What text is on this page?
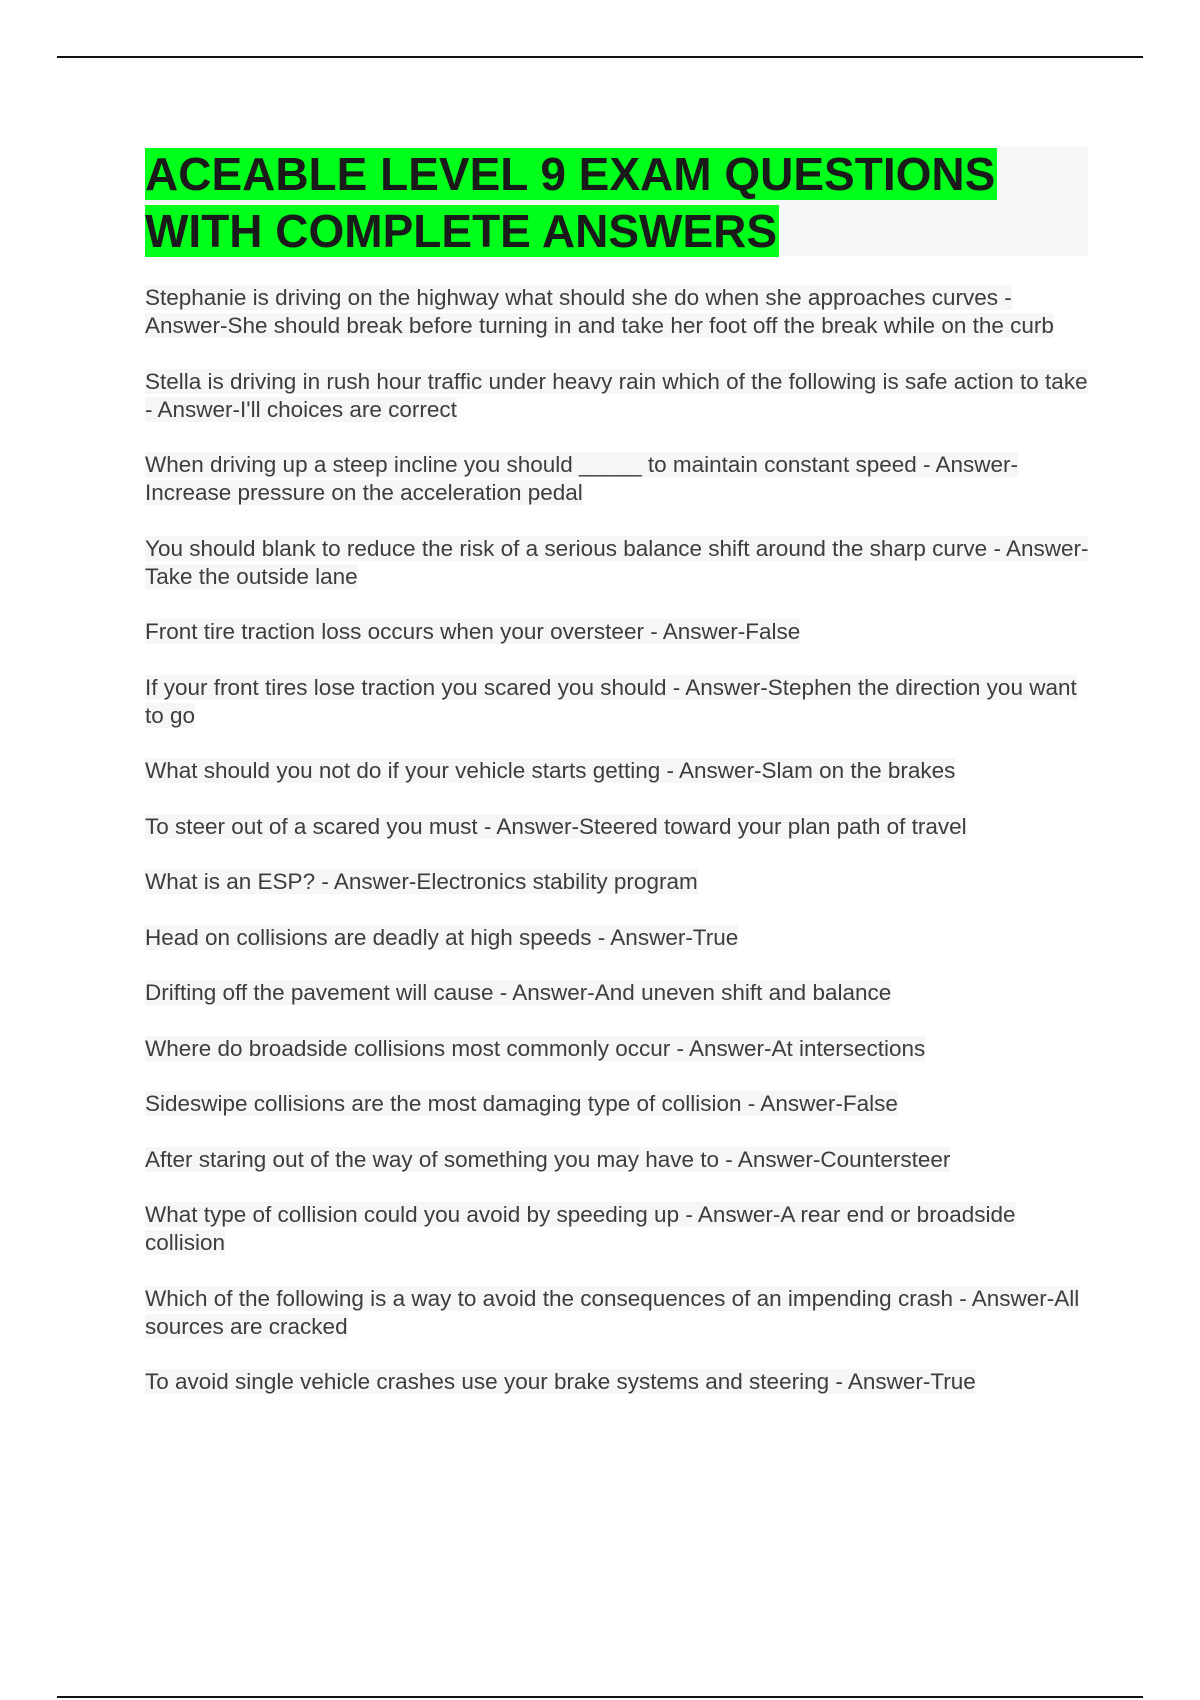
ACEABLE LEVEL 9 EXAM QUESTIONS
WITH COMPLETE ANSWERS
Stephanie is driving on the highway what should she do when she approaches curves - Answer-She should break before turning in and take her foot off the break while on the curb
Stella is driving in rush hour traffic under heavy rain which of the following is safe action to take - Answer-I'll choices are correct
When driving up a steep incline you should _____ to maintain constant speed - Answer-Increase pressure on the acceleration pedal
You should blank to reduce the risk of a serious balance shift around the sharp curve - Answer-Take the outside lane
Front tire traction loss occurs when your oversteer - Answer-False
If your front tires lose traction you scared you should - Answer-Stephen the direction you want to go
What should you not do if your vehicle starts getting - Answer-Slam on the brakes
To steer out of a scared you must - Answer-Steered toward your plan path of travel
What is an ESP? - Answer-Electronics stability program
Head on collisions are deadly at high speeds - Answer-True
Drifting off the pavement will cause - Answer-And uneven shift and balance
Where do broadside collisions most commonly occur - Answer-At intersections
Sideswipe collisions are the most damaging type of collision - Answer-False
After staring out of the way of something you may have to - Answer-Countersteer
What type of collision could you avoid by speeding up - Answer-A rear end or broadside collision
Which of the following is a way to avoid the consequences of an impending crash - Answer-All sources are cracked
To avoid single vehicle crashes use your brake systems and steering - Answer-True
